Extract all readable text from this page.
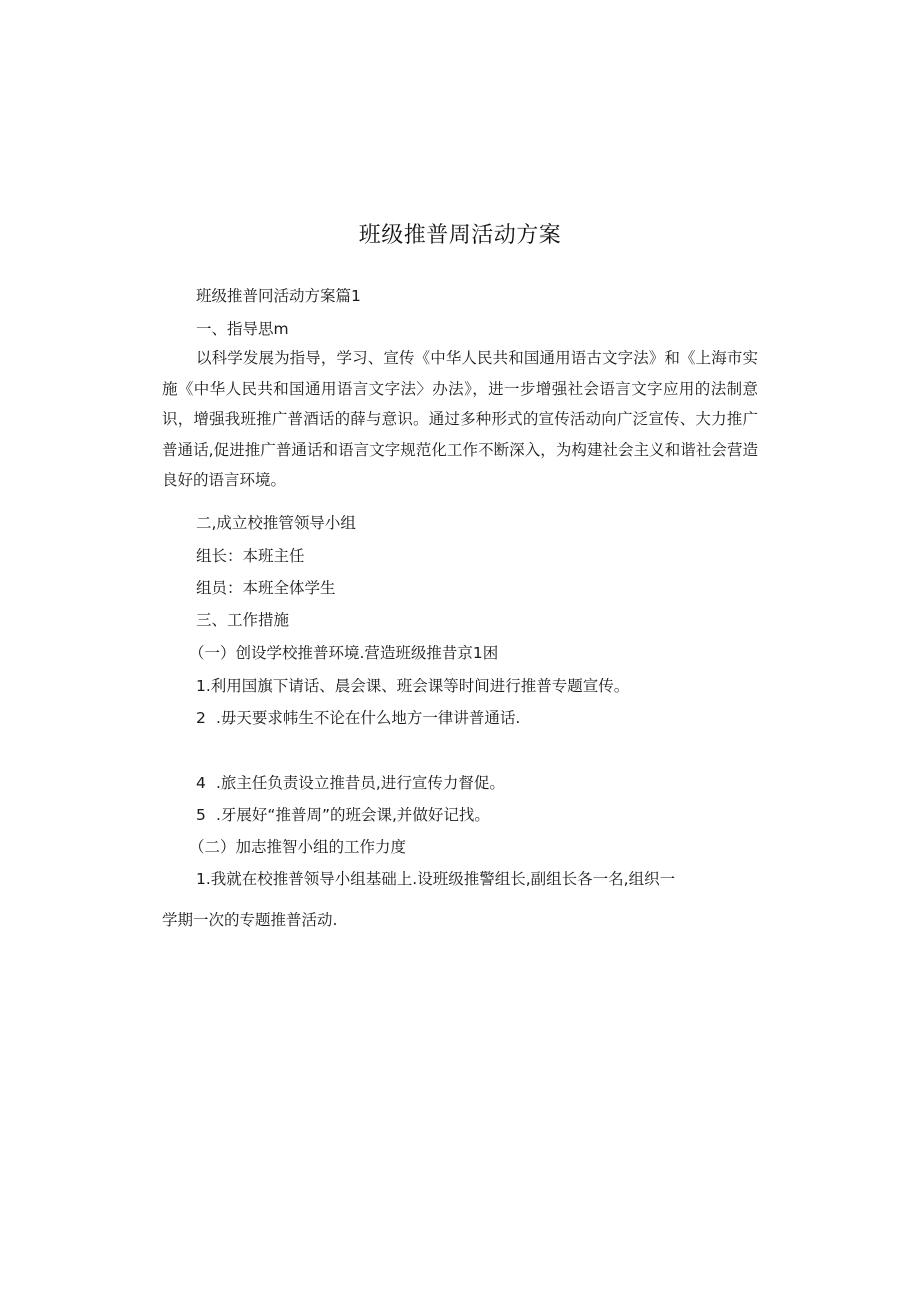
班级推普周活动方案
班级推普冋活动方案篇1
一、指导思m
以科学发展为指导，学习、宣传《中华人民共和国通用语古文字法》和《上海市实施《中华人民共和国通用语言文字法〉办法》，进一步增强社会语言文字应用的法制意识，增强我班推广普酒话的薛与意识。通过多种形式的宣传活动向广泛宣传、大力推广普通话,促进推广普通话和语言文字规范化工作不断深入，为构建社会主义和谐社会营造良好的语言环境。
二,成立校推管领导小组
组长：本班主任
组员：本班全体学生
三、工作措施
（一）创设学校推普环境.营造班级推昔京1困
1.利用国旗下请话、晨会课、班会课等时间进行推普专题宣传。
2 .毋天要求帏生不论在什么地方一律讲普通话.
4 .旅主任负责设立推昔员,进行宣传力督促。
5 .牙展好“推普周”的班会课,并做好记找。
（二）加志推智小组的工作力度
1.我就在校推普领导小组基础上.设班级推警组长,副组长各一名,组织一
学期一次的专题推普活动.
